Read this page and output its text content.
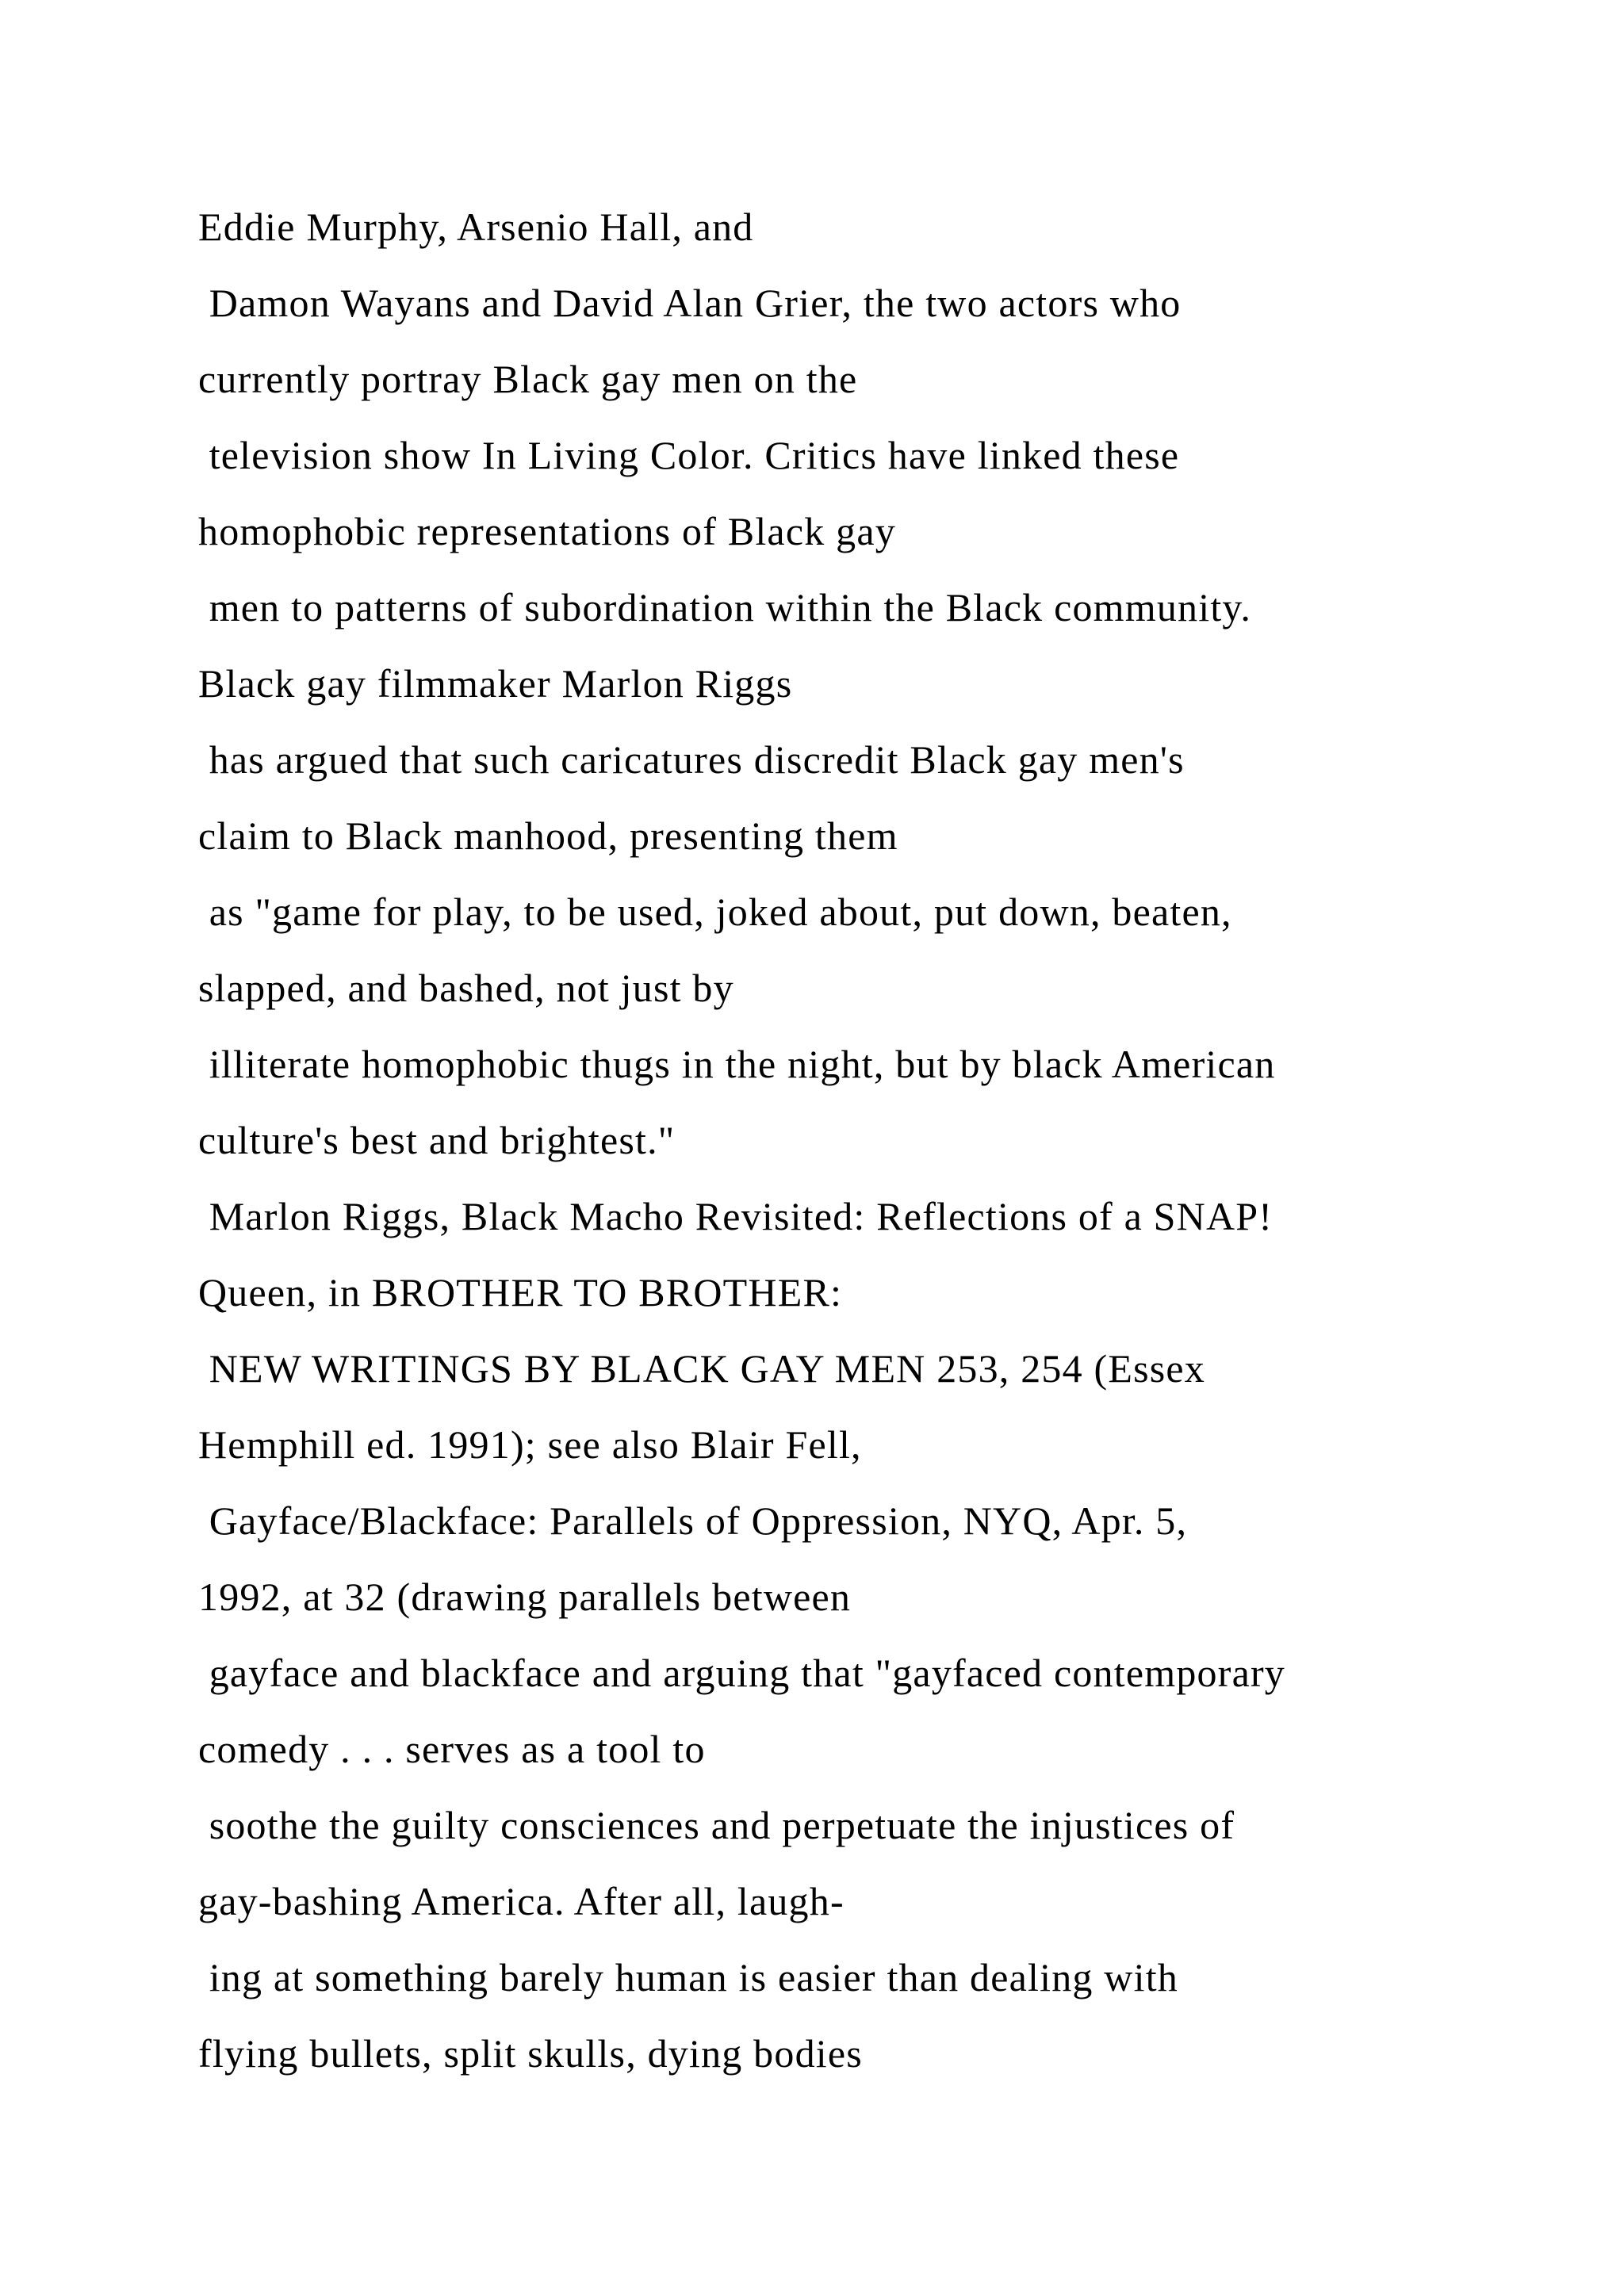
Eddie Murphy, Arsenio Hall, and
Damon Wayans and David Alan Grier, the two actors who
currently portray Black gay men on the
television show In Living Color. Critics have linked these
homophobic representations of Black gay
men to patterns of subordination within the Black community.
Black gay filmmaker Marlon Riggs
has argued that such caricatures discredit Black gay men's
claim to Black manhood, presenting them
as "game for play, to be used, joked about, put down, beaten,
slapped, and bashed, not just by
illiterate homophobic thugs in the night, but by black American
culture's best and brightest."
Marlon Riggs, Black Macho Revisited: Reflections of a SNAP!
Queen, in BROTHER TO BROTHER:
NEW WRITINGS BY BLACK GAY MEN 253, 254 (Essex
Hemphill ed. 1991); see also Blair Fell,
Gayface/Blackface: Parallels of Oppression, NYQ, Apr. 5,
1992, at 32 (drawing parallels between
gayface and blackface and arguing that "gayfaced contemporary
comedy . . . serves as a tool to
soothe the guilty consciences and perpetuate the injustices of
gay-bashing America. After all, laugh-
ing at something barely human is easier than dealing with
flying bullets, split skulls, dying bodies
